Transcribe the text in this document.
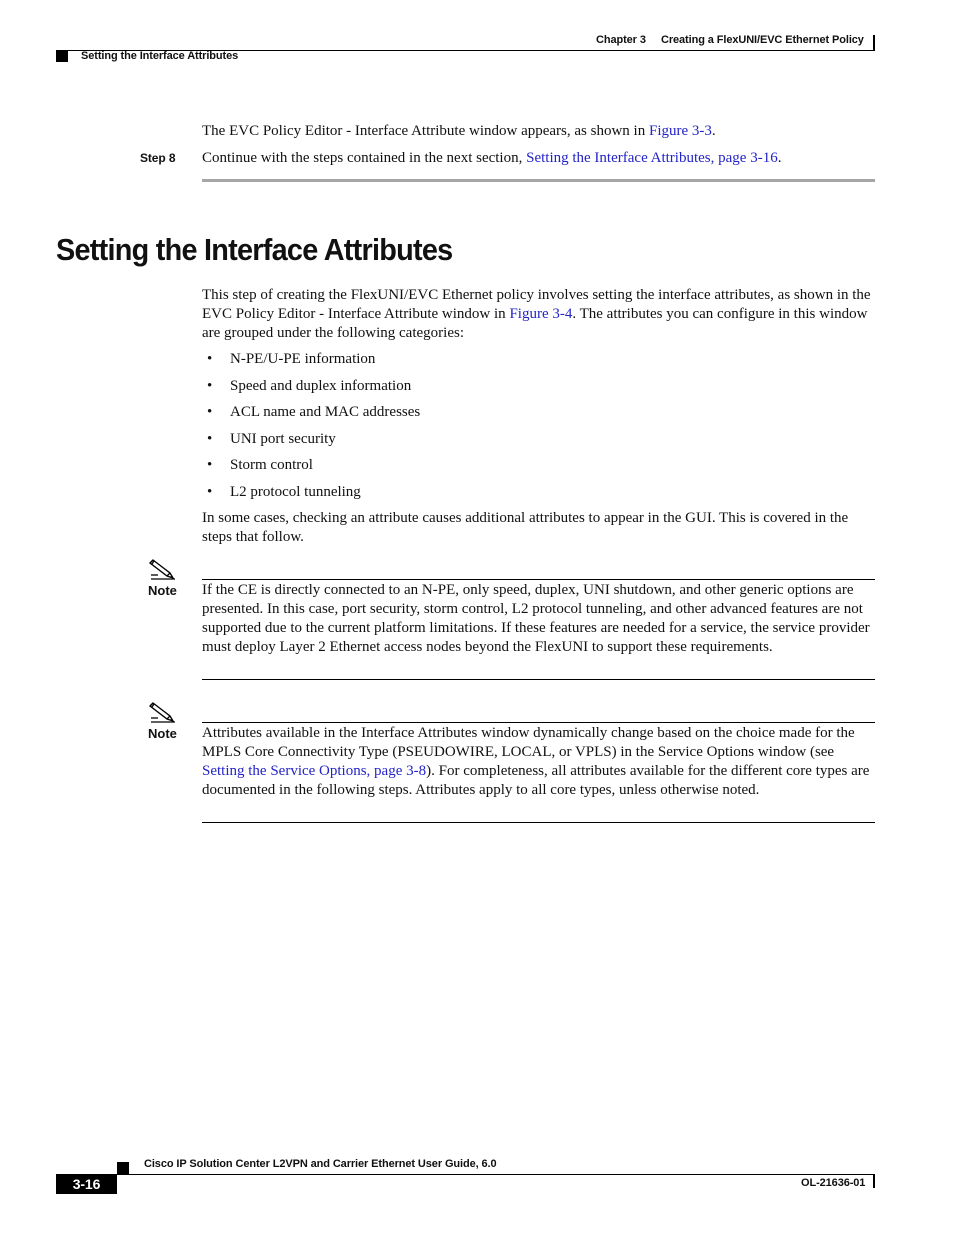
Chapter 3 Creating a FlexUNI/EVC Ethernet Policy
Setting the Interface Attributes
The EVC Policy Editor - Interface Attribute window appears, as shown in Figure 3-3.
Step 8 Continue with the steps contained in the next section, Setting the Interface Attributes, page 3-16.
Setting the Interface Attributes
This step of creating the FlexUNI/EVC Ethernet policy involves setting the interface attributes, as shown in the EVC Policy Editor - Interface Attribute window in Figure 3-4. The attributes you can configure in this window are grouped under the following categories:
• N-PE/U-PE information
• Speed and duplex information
• ACL name and MAC addresses
• UNI port security
• Storm control
• L2 protocol tunneling
In some cases, checking an attribute causes additional attributes to appear in the GUI. This is covered in the steps that follow.
Note If the CE is directly connected to an N-PE, only speed, duplex, UNI shutdown, and other generic options are presented. In this case, port security, storm control, L2 protocol tunneling, and other advanced features are not supported due to the current platform limitations. If these features are needed for a service, the service provider must deploy Layer 2 Ethernet access nodes beyond the FlexUNI to support these requirements.
Note Attributes available in the Interface Attributes window dynamically change based on the choice made for the MPLS Core Connectivity Type (PSEUDOWIRE, LOCAL, or VPLS) in the Service Options window (see Setting the Service Options, page 3-8). For completeness, all attributes available for the different core types are documented in the following steps. Attributes apply to all core types, unless otherwise noted.
Cisco IP Solution Center L2VPN and Carrier Ethernet User Guide, 6.0
3-16	OL-21636-01
